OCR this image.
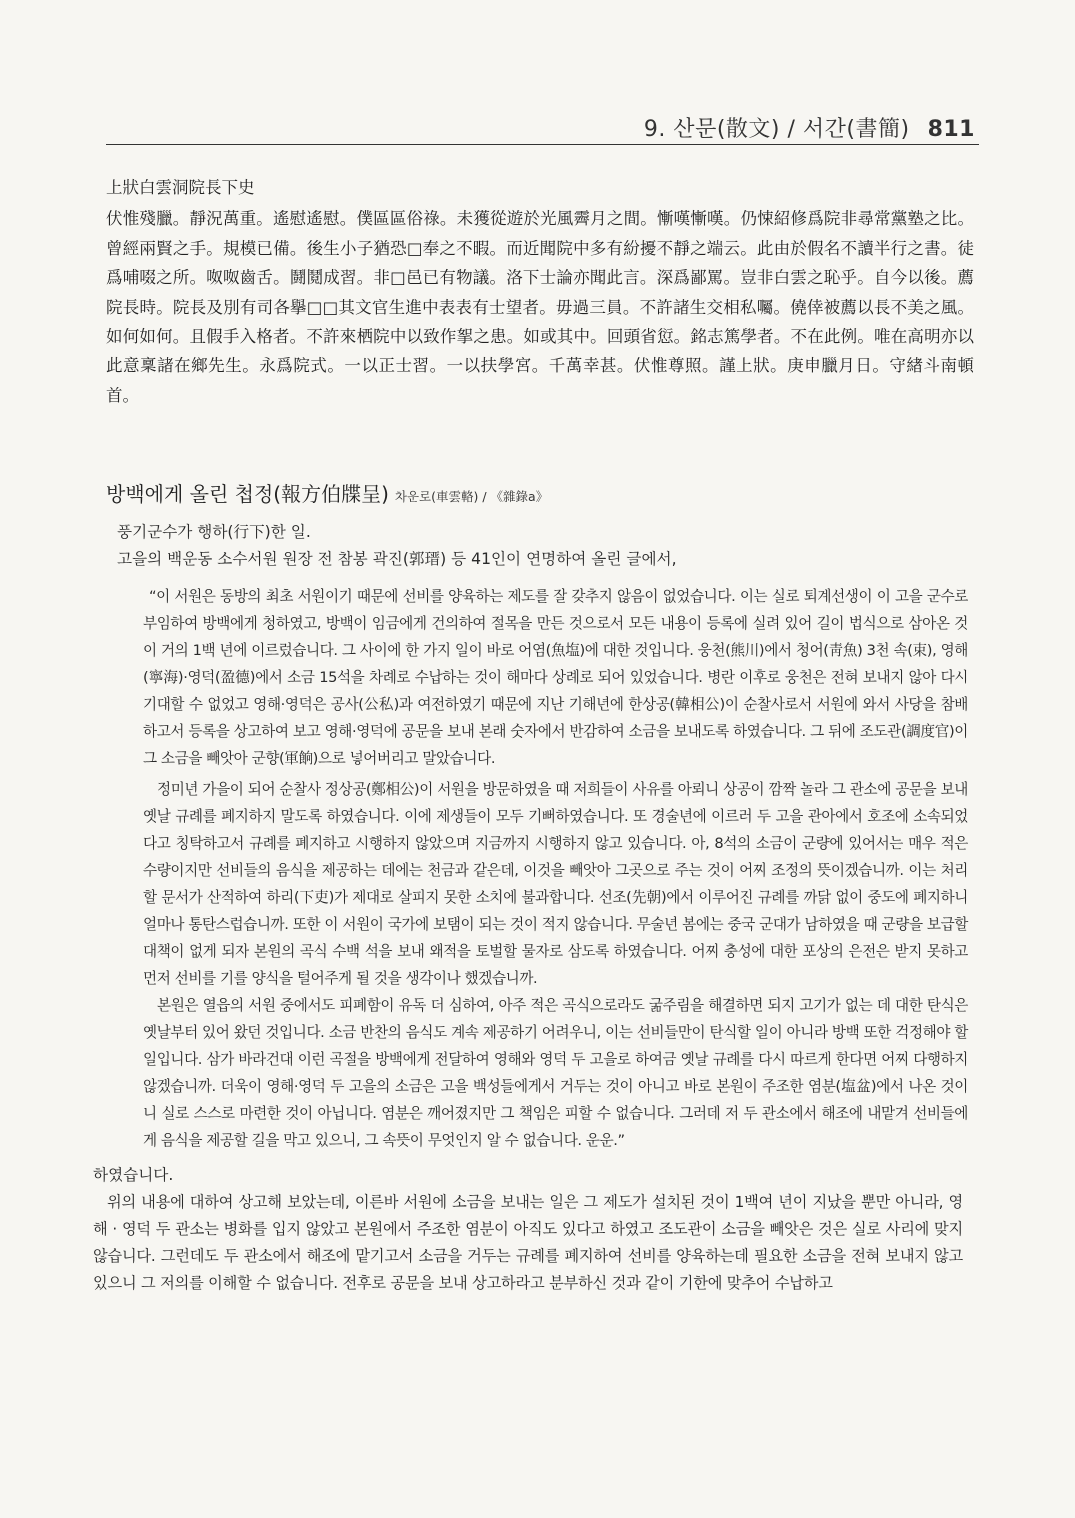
9. 산문(散文) / 서간(書簡) 811

上狀白雲洞院長下史

伏惟殘臘。靜況萬重。遙慰遙慰。僕區區俗祿。未獲從遊於光風霽月之間。慚嘆慚嘆。仍悚紹修爲院非尋常黨塾之比。曾經兩賢之手。規模已備。後生小子猶恐□奉之不暇。而近聞院中多有紛擾不靜之端云。此由於假名不讀半行之書。徒爲哺啜之所。呶呶齒舌。鬪鬩成習。非□邑已有物議。洛下士論亦聞此言。深爲鄙罵。豈非白雲之恥乎。自今以後。薦院長時。院長及別有司各擧□□其文官生進中表表有士望者。毋過三員。不許諸生交相私囑。僥倖被薦以長不美之風。如何如何。且假手入格者。不許來栖院中以致作挐之患。如或其中。回頭省愆。銘志篤學者。不在此例。唯在高明亦以此意稟諸在鄉先生。永爲院式。一以正士習。一以扶學宮。千萬幸甚。伏惟尊照。謹上狀。庚申臘月日。守緖斗南頓首。

방백에게 올린 첩정(報方伯牒呈) 차운로(車雲輅) / 《雜錄a》

풍기군수가 행하(行下)한 일.

고을의 백운동 소수서원 원장 전 참봉 곽진(郭瑨) 등 41인이 연명하여 올린 글에서,

“이 서원은 동방의 최초 서원이기 때문에 선비를 양육하는 제도를 잘 갖추지 않음이 없었습니다. 이는 실로 퇴계선생이 이 고을 군수로 부임하여 방백에게 청하였고, 방백이 임금에게 건의하여 절목을 만든 것으로서 모든 내용이 등록에 실려 있어 길이 법식으로 삼아온 것이 거의 1백 년에 이르렀습니다. 그 사이에 한 가지 일이 바로 어염(魚塩)에 대한 것입니다. 웅천(熊川)에서 청어(靑魚) 3천 속(束), 영해(寧海)·영덕(盈德)에서 소금 15석을 차례로 수납하는 것이 해마다 상례로 되어 있었습니다. 병란 이후로 웅천은 전혀 보내지 않아 다시 기대할 수 없었고 영해·영덕은 공사(公私)과 여전하였기 때문에 지난 기해년에 한상공(韓相公)이 순찰사로서 서원에 와서 사당을 참배하고서 등록을 상고하여 보고 영해·영덕에 공문을 보내 본래 숫자에서 반감하여 소금을 보내도록 하였습니다. 그 뒤에 조도관(調度官)이 그 소금을 빼앗아 군향(軍餉)으로 넣어버리고 말았습니다.

정미년 가을이 되어 순찰사 정상공(鄭相公)이 서원을 방문하였을 때 저희들이 사유를 아뢰니 상공이 깜짝 놀라 그 관소에 공문을 보내 옛날 규례를 폐지하지 말도록 하였습니다. 이에 제생들이 모두 기뻐하였습니다. 또 경술년에 이르러 두 고을 관아에서 호조에 소속되었다고 칭탁하고서 규례를 폐지하고 시행하지 않았으며 지금까지 시행하지 않고 있습니다. 아, 8석의 소금이 군량에 있어서는 매우 적은 수량이지만 선비들의 음식을 제공하는 데에는 천금과 같은데, 이것을 빼앗아 그곳으로 주는 것이 어찌 조정의 뜻이겠습니까. 이는 처리할 문서가 산적하여 하리(下吏)가 제대로 살피지 못한 소치에 불과합니다. 선조(先朝)에서 이루어진 규례를 까닭 없이 중도에 폐지하니 얼마나 통탄스럽습니까. 또한 이 서원이 국가에 보탬이 되는 것이 적지 않습니다. 무술년 봄에는 중국 군대가 남하였을 때 군량을 보급할 대책이 없게 되자 본원의 곡식 수백 석을 보내 왜적을 토벌할 물자로 삼도록 하였습니다. 어찌 충성에 대한 포상의 은전은 받지 못하고 먼저 선비를 기를 양식을 털어주게 될 것을 생각이나 했겠습니까.

본원은 열읍의 서원 중에서도 피폐함이 유독 더 심하여, 아주 적은 곡식으로라도 굶주림을 해결하면 되지 고기가 없는 데 대한 탄식은 옛날부터 있어 왔던 것입니다. 소금 반찬의 음식도 계속 제공하기 어려우니, 이는 선비들만이 탄식할 일이 아니라 방백 또한 걱정해야 할 일입니다. 삼가 바라건대 이런 곡절을 방백에게 전달하여 영해와 영덕 두 고을로 하여금 옛날 규례를 다시 따르게 한다면 어찌 다행하지 않겠습니까. 더욱이 영해·영덕 두 고을의 소금은 고을 백성들에게서 거두는 것이 아니고 바로 본원이 주조한 염분(塩盆)에서 나온 것이니 실로 스스로 마련한 것이 아닙니다. 염분은 깨어졌지만 그 책임은 피할 수 없습니다. 그러데 저 두 관소에서 해조에 내맡겨 선비들에게 음식을 제공할 길을 막고 있으니, 그 속뜻이 무엇인지 알 수 없습니다. 운운.”

하였습니다.

위의 내용에 대하여 상고해 보았는데, 이른바 서원에 소금을 보내는 일은 그 제도가 설치된 것이 1백여 년이 지났을 뿐만 아니라, 영해 · 영덕 두 관소는 병화를 입지 않았고 본원에서 주조한 염분이 아직도 있다고 하였고 조도관이 소금을 빼앗은 것은 실로 사리에 맞지 않습니다. 그런데도 두 관소에서 해조에 맡기고서 소금을 거두는 규례를 폐지하여 선비를 양육하는데 필요한 소금을 전혀 보내지 않고 있으니 그 저의를 이해할 수 없습니다. 전후로 공문을 보내 상고하라고 분부하신 것과 같이 기한에 맞추어 수납하고
